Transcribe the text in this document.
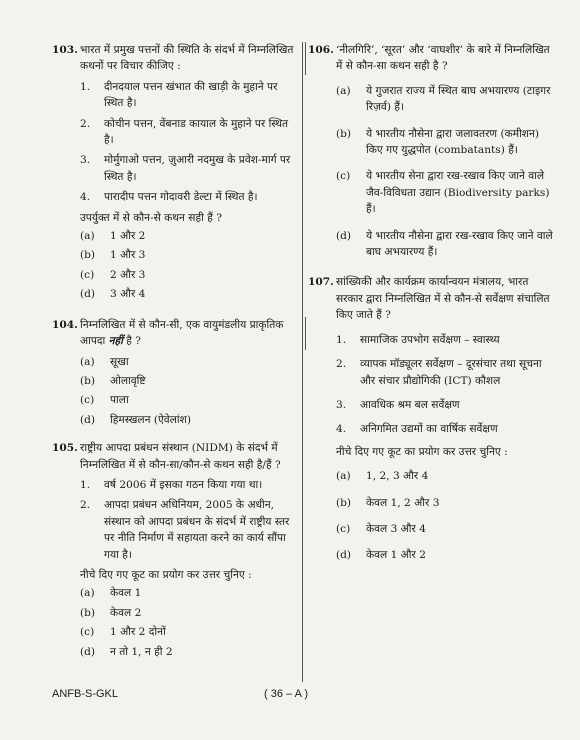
103. भारत में प्रमुख पत्तनों की स्थिति के संदर्भ में निम्नलिखित कथनों पर विचार कीजिए :
1.	दीनदयाल पत्तन खंभात की खाड़ी के मुहाने पर स्थित है।
2.	कोचीन पत्तन, वेंबनाड कायाल के मुहाने पर स्थित है।
3.	मोर्मुगाओ पत्तन, ज़ुआरी नदमुख के प्रवेश-मार्ग पर स्थित है।
4.	पारादीप पत्तन गोदावरी डेल्टा में स्थित है।
उपर्युक्त में से कौन-से कथन सही हैं ?
(a)	1 और 2
(b)	1 और 3
(c)	2 और 3
(d)	3 और 4
104. निम्नलिखित में से कौन-सी, एक वायुमंडलीय प्राकृतिक आपदा नहीं है ?
(a)	सूखा
(b)	ओलावृष्टि
(c)	पाला
(d)	हिमस्खलन (ऐवेलांश)
105. राष्ट्रीय आपदा प्रबंधन संस्थान (NIDM) के संदर्भ में निम्नलिखित में से कौन-सा/कौन-से कथन सही है/हैं ?
1.	वर्ष 2006 में इसका गठन किया गया था।
2.	आपदा प्रबंधन अधिनियम, 2005 के अधीन, संस्थान को आपदा प्रबंधन के संदर्भ में राष्ट्रीय स्तर पर नीति निर्माण में सहायता करने का कार्य सौंपा गया है।
नीचे दिए गए कूट का प्रयोग कर उत्तर चुनिए :
(a)	केवल 1
(b)	केवल 2
(c)	1 और 2 दोनों
(d)	न तो 1, न ही 2
106. ‘नीलगिरि’, ‘सूरत’ और ‘वाघशीर’ के बारे में निम्नलिखित में से कौन-सा कथन सही है ?
(a)	ये गुजरात राज्य में स्थित बाघ अभयारण्य (टाइगर रिज़र्व) हैं।
(b)	ये भारतीय नौसेना द्वारा जलावतरण (कमीशन) किए गए युद्धपोत (combatants) हैं।
(c)	ये भारतीय सेना द्वारा रख-रखाव किए जाने वाले जैव-विविधता उद्यान (Biodiversity parks) हैं।
(d)	ये भारतीय नौसेना द्वारा रख-रखाव किए जाने वाले बाघ अभयारण्य हैं।
107. सांख्यिकी और कार्यक्रम कार्यान्वयन मंत्रालय, भारत सरकार द्वारा निम्नलिखित में से कौन-से सर्वेक्षण संचालित किए जाते हैं ?
1.	सामाजिक उपभोग सर्वेक्षण – स्वास्थ्य
2.	व्यापक मॉड्यूलर सर्वेक्षण – दूरसंचार तथा सूचना और संचार प्रौद्योगिकी (ICT) कौशल
3.	आवधिक श्रम बल सर्वेक्षण
4.	अनिगमित उद्यमों का वार्षिक सर्वेक्षण
नीचे दिए गए कूट का प्रयोग कर उत्तर चुनिए :
(a)	1, 2, 3 और 4
(b)	केवल 1, 2 और 3
(c)	केवल 3 और 4
(d)	केवल 1 और 2
ANFB-S-GKL	( 36 – A )
